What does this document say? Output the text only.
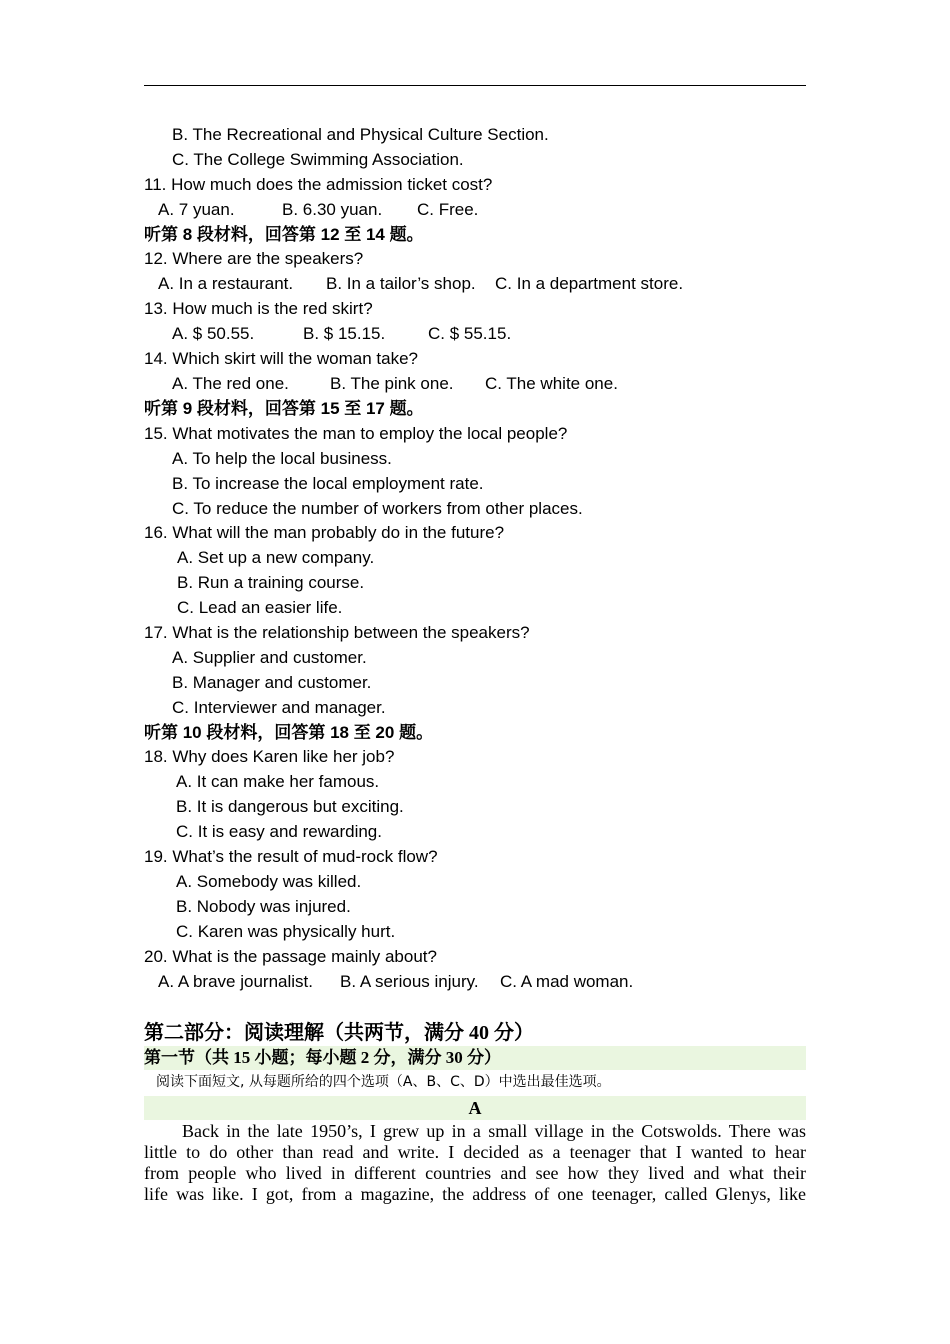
B. The Recreational and Physical Culture Section.
C. The College Swimming Association.
11. How much does the admission ticket cost?
A. 7 yuan.	B. 6.30 yuan. C. Free.
听第 8 段材料，回答第 12 至 14 题。
12. Where are the speakers?
A. In a restaurant. B. In a tailor’s shop. C. In a department store.
13. How much is the red skirt?
A. $ 50.55.	B. $ 15.15.	C. $ 55.15.
14. Which skirt will the woman take?
A. The red one. B. The pink one. C. The white one.
听第 9 段材料，回答第 15 至 17 题。
15. What motivates the man to employ the local people?
A. To help the local business.
B. To increase the local employment rate.
C. To reduce the number of workers from other places.
16. What will the man probably do in the future?
A. Set up a new company.
B. Run a training course.
C. Lead an easier life.
17. What is the relationship between the speakers?
A. Supplier and customer.
B. Manager and customer.
C. Interviewer and manager.
听第 10 段材料，回答第 18 至 20 题。
18. Why does Karen like her job?
A. It can make her famous.
B. It is dangerous but exciting.
C. It is easy and rewarding.
19. What’s the result of mud-rock flow?
A. Somebody was killed.
B. Nobody was injured.
C. Karen was physically hurt.
20. What is the passage mainly about?
A. A brave journalist. B. A serious injury. C. A mad woman.
第二部分：阅读理解（共两节，满分 40 分）
第一节（共 15 小题；每小题 2 分，满分 30 分）
阅读下面短文, 从每题所给的四个选项（A、B、C、D）中选出最佳选项。
A
Back in the late 1950’s, I grew up in a small village in the Cotswolds. There was
little to do other than read and write. I decided as a teenager that I wanted to hear
from people who lived in different countries and see how they lived and what their
life was like. I got, from a magazine, the address of one teenager, called Glenys, like
